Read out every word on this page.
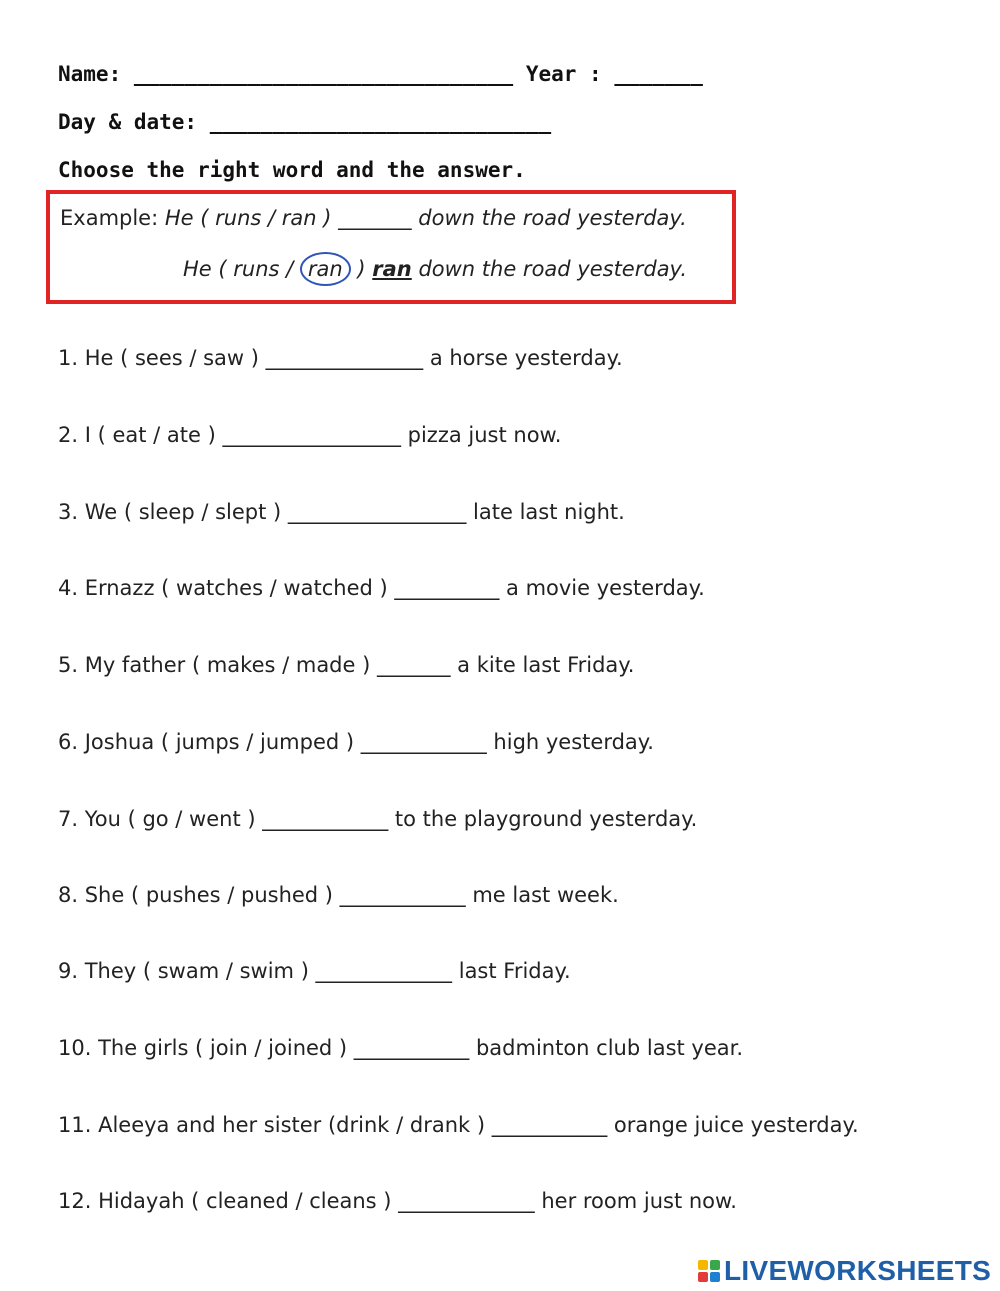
Name: ______________________________ Year : _______
Day & date: ___________________________
Choose the right word and the answer.
Example: He ( runs / ran ) _______ down the road yesterday.
He ( runs / ran ) ran down the road yesterday.
1. He ( sees / saw ) _______________ a horse yesterday.
2. I ( eat / ate ) _________________ pizza just now.
3. We ( sleep / slept ) _________________ late last night.
4. Ernazz ( watches / watched ) __________ a movie yesterday.
5. My father ( makes / made ) _______ a kite last Friday.
6. Joshua ( jumps / jumped ) ____________ high yesterday.
7. You ( go / went ) ____________ to the playground yesterday.
8. She ( pushes / pushed ) ____________ me last week.
9. They ( swam / swim ) _____________ last Friday.
10. The girls ( join / joined ) ___________ badminton club last year.
11. Aleeya and her sister (drink / drank ) ___________ orange juice yesterday.
12. Hidayah ( cleaned / cleans ) _____________ her room just now.
LIVEWORKSHEETS
